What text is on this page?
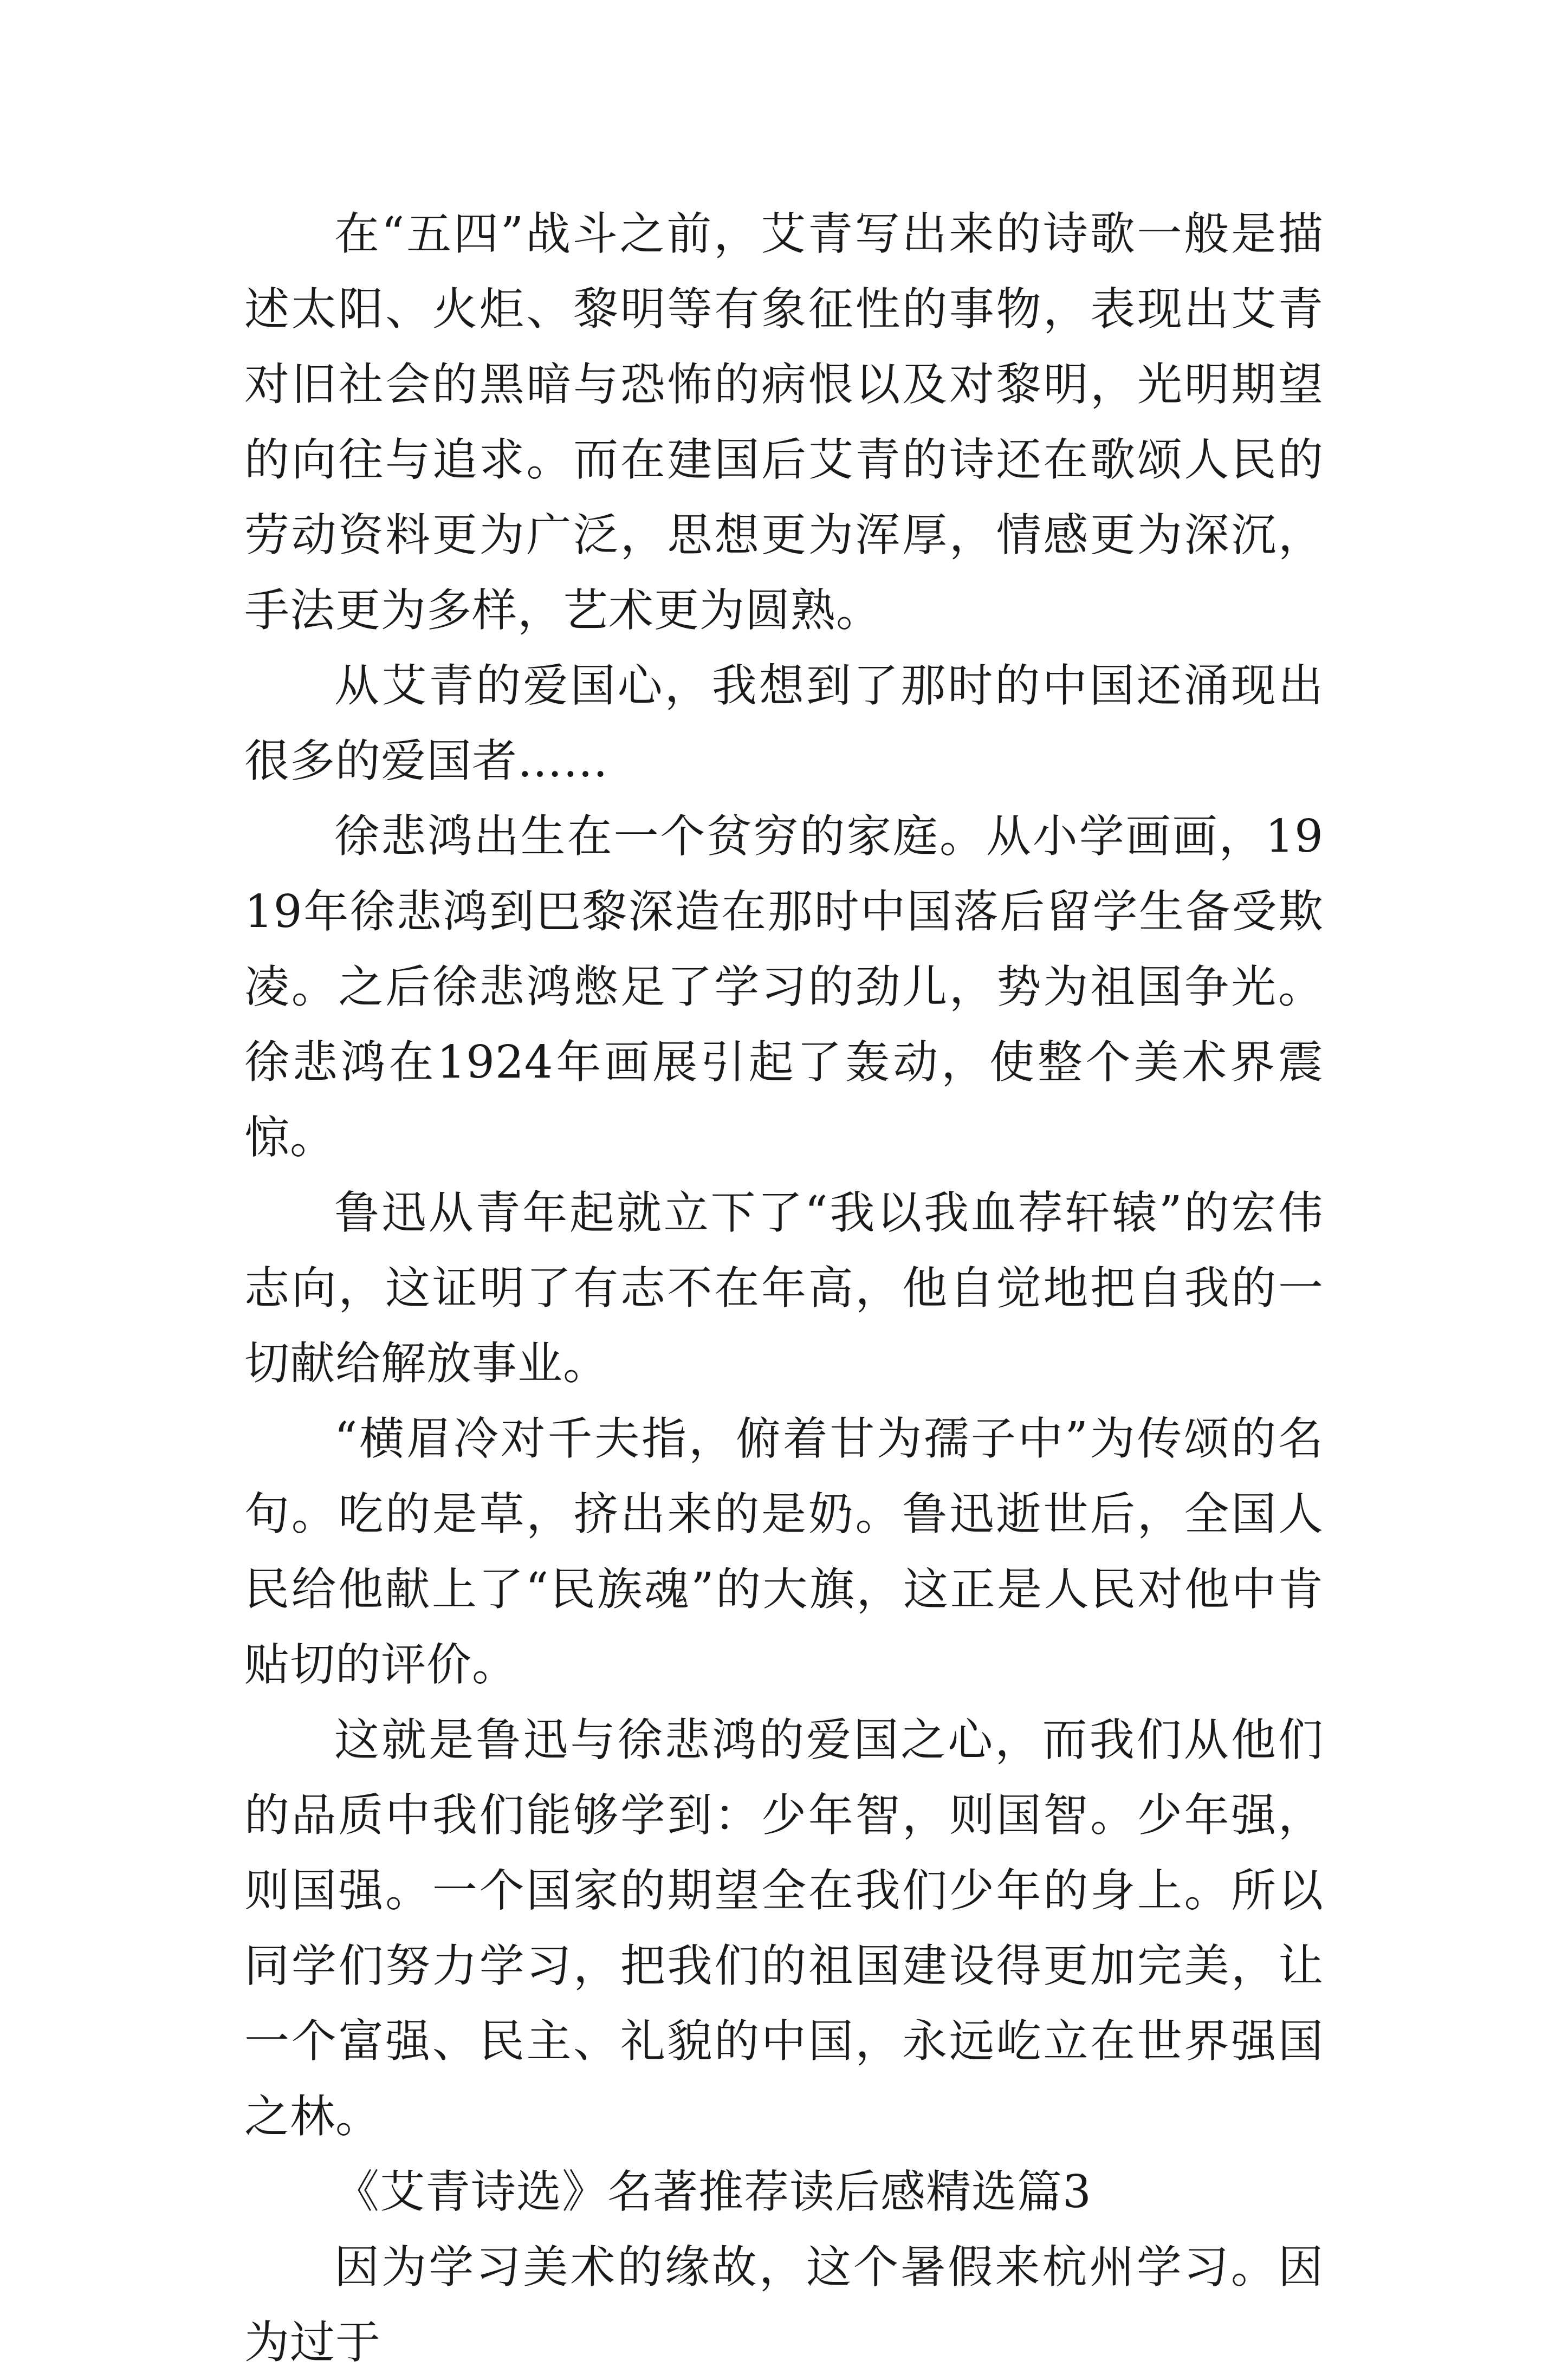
在“五四”战斗之前，艾青写出来的诗歌一般是描述太阳、火炬、黎明等有象征性的事物，表现出艾青对旧社会的黑暗与恐怖的病恨以及对黎明，光明期望的向往与追求。而在建国后艾青的诗还在歌颂人民的劳动资料更为广泛，思想更为浑厚，情感更为深沉，手法更为多样，艺术更为圆熟。

从艾青的爱国心，我想到了那时的中国还涌现出很多的爱国者……

徐悲鸿出生在一个贫穷的家庭。从小学画画，1919年徐悲鸿到巴黎深造在那时中国落后留学生备受欺凌。之后徐悲鸿憋足了学习的劲儿，势为祖国争光。徐悲鸿在1924年画展引起了轰动，使整个美术界震惊。

鲁迅从青年起就立下了“我以我血荐轩辕”的宏伟志向，这证明了有志不在年高，他自觉地把自我的一切献给解放事业。

“横眉冷对千夫指，俯着甘为孺子中”为传颂的名句。吃的是草，挤出来的是奶。鲁迅逝世后，全国人民给他献上了“民族魂”的大旗，这正是人民对他中肯贴切的评价。

这就是鲁迅与徐悲鸿的爱国之心，而我们从他们的品质中我们能够学到：少年智，则国智。少年强，则国强。一个国家的期望全在我们少年的身上。所以同学们努力学习，把我们的祖国建设得更加完美，让一个富强、民主、礼貌的中国，永远屹立在世界强国之林。

《艾青诗选》名著推荐读后感精选篇3

因为学习美术的缘故，这个暑假来杭州学习。因为过于
